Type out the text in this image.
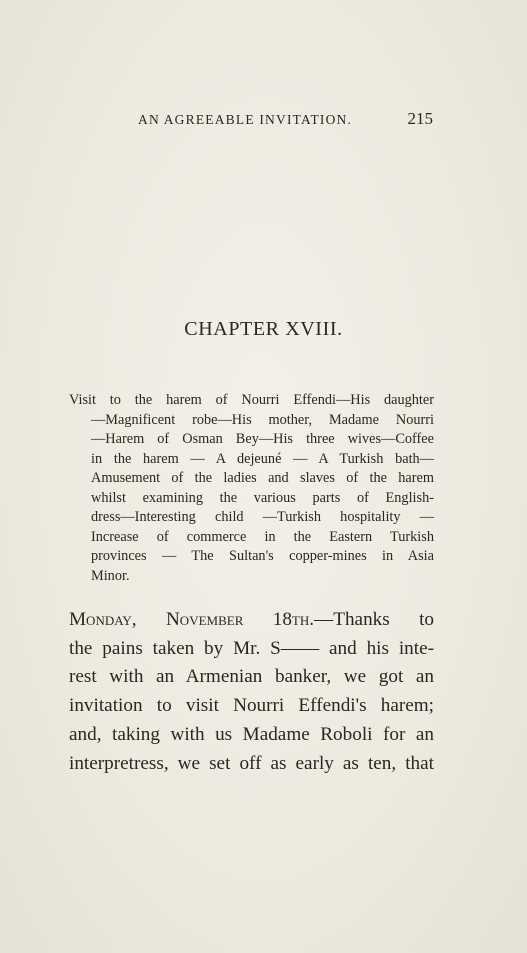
AN AGREEABLE INVITATION.	215
CHAPTER XVIII.
Visit to the harem of Nourri Effendi—His daughter
—Magnificent robe—His mother, Madame Nourri
—Harem of Osman Bey—His three wives—Coffee
in the harem — A dejeuné — A Turkish bath—
Amusement of the ladies and slaves of the harem
whilst examining the various parts of English-
dress—Interesting child —Turkish hospitality —
Increase of commerce in the Eastern Turkish
provinces — The Sultan's copper-mines in Asia
Minor.
Monday, November 18th.—Thanks to
the pains taken by Mr. S—— and his inte-
rest with an Armenian banker, we got an
invitation to visit Nourri Effendi's harem;
and, taking with us Madame Roboli for an
interpretress, we set off as early as ten, that
